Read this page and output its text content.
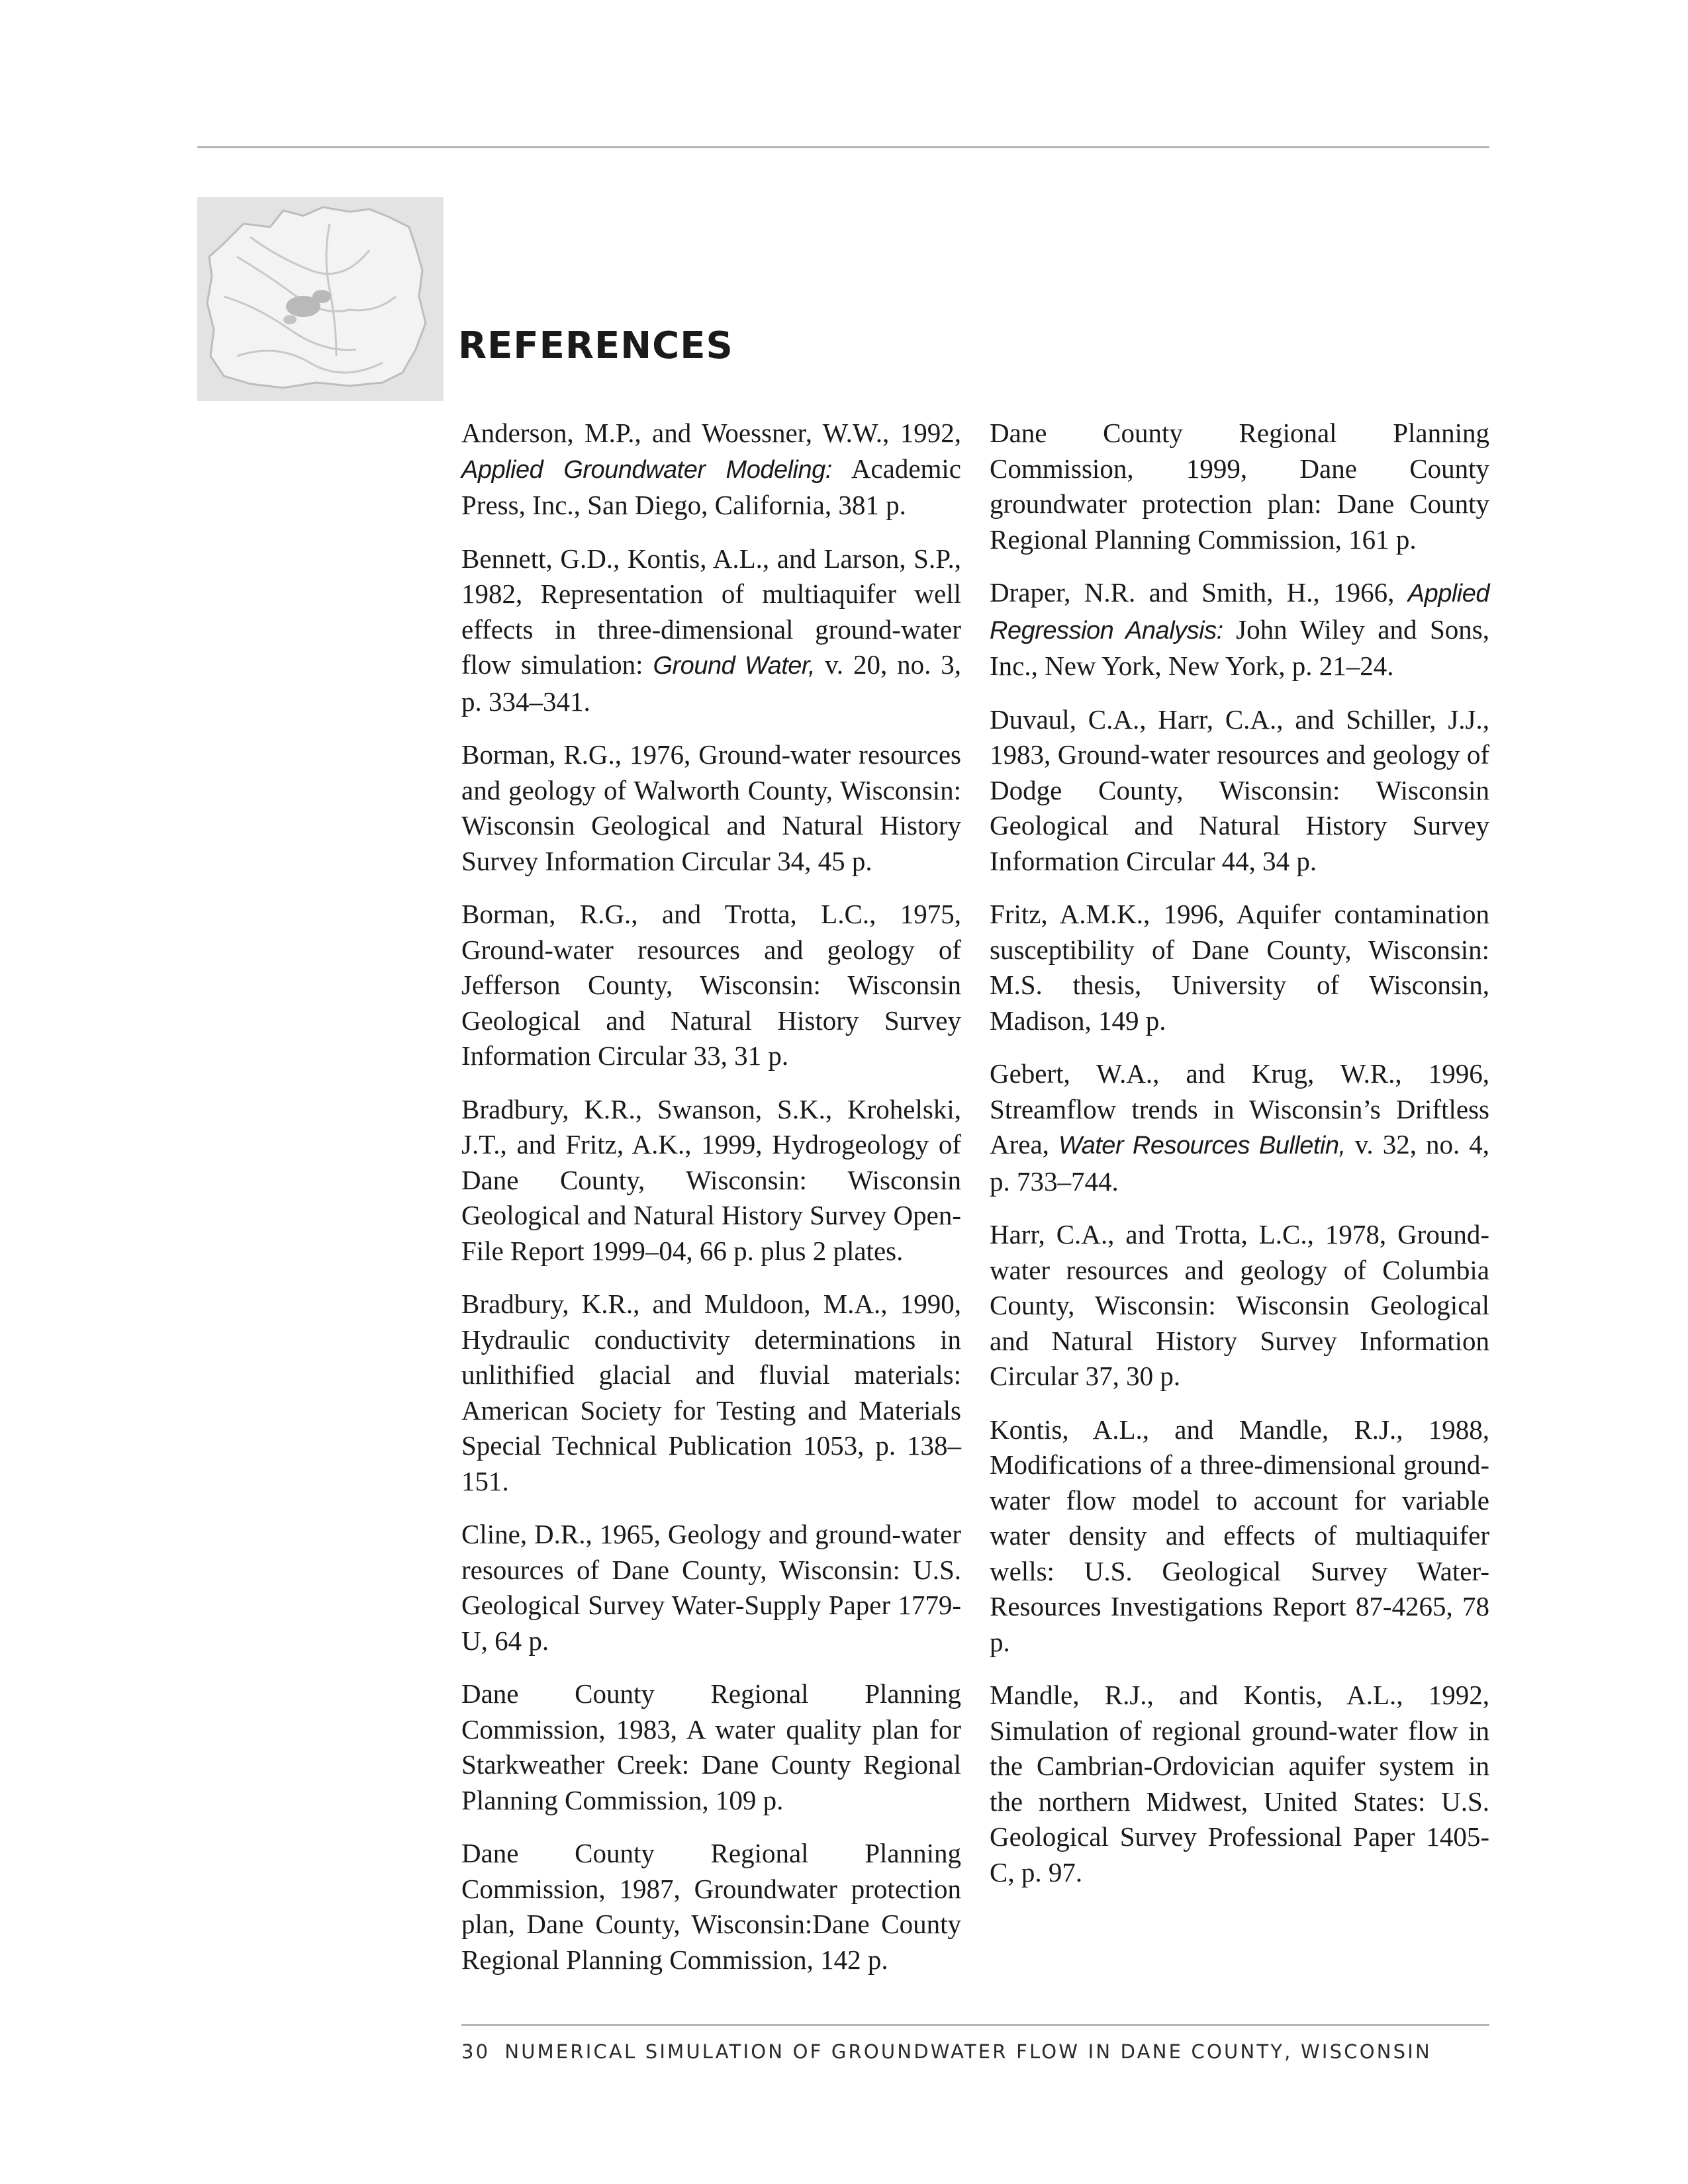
REFERENCES

Anderson, M.P., and Woessner, W.W., 1992, Applied Groundwater Modeling: Academic Press, Inc., San Diego, California, 381 p.

Bennett, G.D., Kontis, A.L., and Larson, S.P., 1982, Representation of multiaquifer well effects in three-dimensional ground-water flow simulation: Ground Water, v. 20, no. 3, p. 334–341.

Borman, R.G., 1976, Ground-water resources and geology of Walworth County, Wisconsin: Wisconsin Geological and Natural History Survey Information Circular 34, 45 p.

Borman, R.G., and Trotta, L.C., 1975, Ground-water resources and geology of Jefferson County, Wisconsin: Wisconsin Geological and Natural History Survey Information Circular 33, 31 p.

Bradbury, K.R., Swanson, S.K., Krohelski, J.T., and Fritz, A.K., 1999, Hydrogeology of Dane County, Wisconsin: Wisconsin Geological and Natural History Survey Open-File Report 1999–04, 66 p. plus 2 plates.

Bradbury, K.R., and Muldoon, M.A., 1990, Hydraulic conductivity determinations in unlithified glacial and fluvial materials: American Society for Testing and Materials Special Technical Publication 1053, p. 138–151.

Cline, D.R., 1965, Geology and ground-water resources of Dane County, Wisconsin: U.S. Geological Survey Water-Supply Paper 1779-U, 64 p.

Dane County Regional Planning Commission, 1983, A water quality plan for Starkweather Creek: Dane County Regional Planning Commission, 109 p.

Dane County Regional Planning Commission, 1987, Groundwater protection plan, Dane County, Wisconsin:Dane County Regional Planning Commission, 142 p.

Dane County Regional Planning Commission, 1999, Dane County groundwater protection plan: Dane County Regional Planning Commission, 161 p.

Draper, N.R. and Smith, H., 1966, Applied Regression Analysis: John Wiley and Sons, Inc., New York, New York, p. 21–24.

Duvaul, C.A., Harr, C.A., and Schiller, J.J., 1983, Ground-water resources and geology of Dodge County, Wisconsin: Wisconsin Geological and Natural History Survey Information Circular 44, 34 p.

Fritz, A.M.K., 1996, Aquifer contamination susceptibility of Dane County, Wisconsin: M.S. thesis, University of Wisconsin, Madison, 149 p.

Gebert, W.A., and Krug, W.R., 1996, Streamflow trends in Wisconsin’s Driftless Area, Water Resources Bulletin, v. 32, no. 4, p. 733–744.

Harr, C.A., and Trotta, L.C., 1978, Ground-water resources and geology of Columbia County, Wisconsin: Wisconsin Geological and Natural History Survey Information Circular 37, 30 p.

Kontis, A.L., and Mandle, R.J., 1988, Modifications of a three-dimensional ground-water flow model to account for variable water density and effects of multiaquifer wells: U.S. Geological Survey Water-Resources Investigations Report 87-4265, 78 p.

Mandle, R.J., and Kontis, A.L., 1992, Simulation of regional ground-water flow in the Cambrian-Ordovician aquifer system in the northern Midwest, United States: U.S. Geological Survey Professional Paper 1405-C, p. 97.

30 NUMERICAL SIMULATION OF GROUNDWATER FLOW IN DANE COUNTY, WISCONSIN
